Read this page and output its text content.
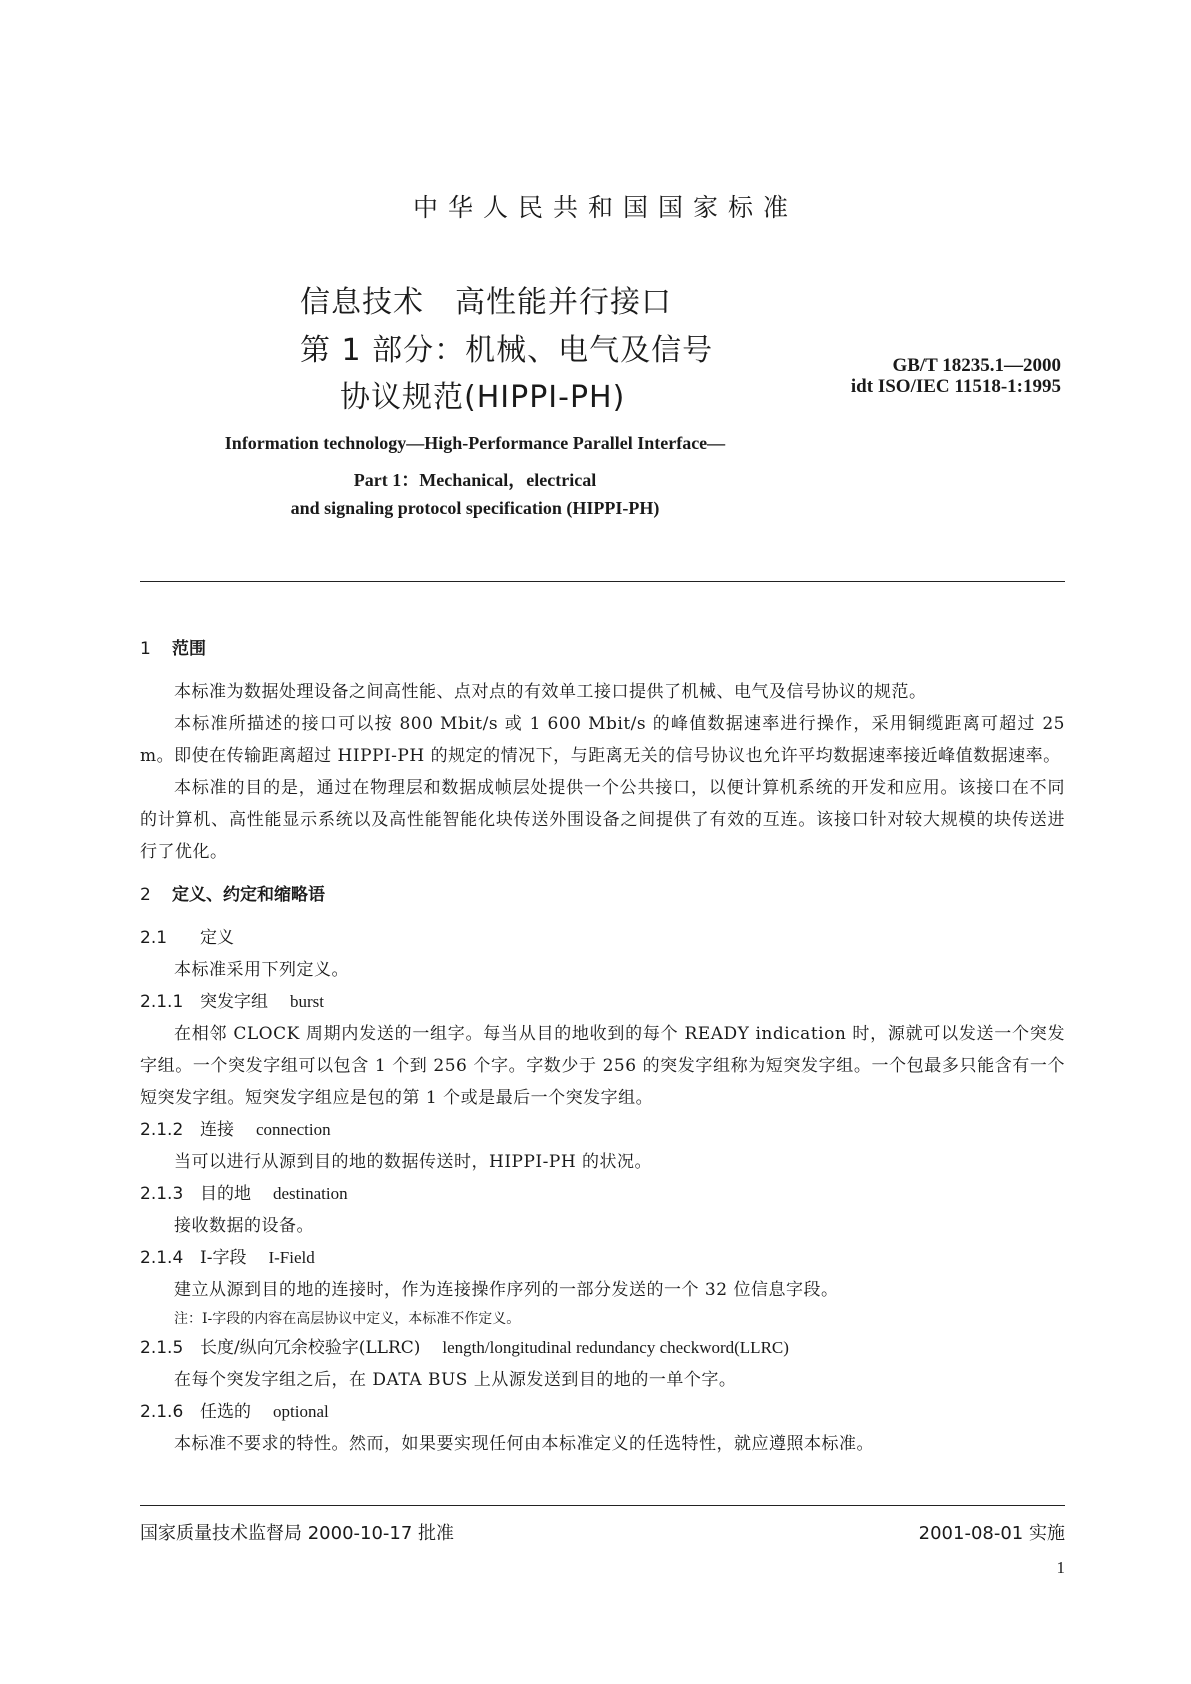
中华人民共和国国家标准
信息技术　高性能并行接口
第 1 部分：机械、电气及信号
协议规范(HIPPI-PH)
GB/T 18235.1—2000
idt ISO/IEC 11518-1:1995
Information technology—High-Performance Parallel Interface—
Part 1：Mechanical，electrical
and signaling protocol specification (HIPPI-PH)
1 范围

本标准为数据处理设备之间高性能、点对点的有效单工接口提供了机械、电气及信号协议的规范。

本标准所描述的接口可以按 800 Mbit/s 或 1 600 Mbit/s 的峰值数据速率进行操作，采用铜缆距离可超过 25 m。即使在传输距离超过 HIPPI-PH 的规定的情况下，与距离无关的信号协议也允许平均数据速率接近峰值数据速率。

本标准的目的是，通过在物理层和数据成帧层处提供一个公共接口，以便计算机系统的开发和应用。该接口在不同的计算机、高性能显示系统以及高性能智能化块传送外围设备之间提供了有效的互连。该接口针对较大规模的块传送进行了优化。

2 定义、约定和缩略语
2.1 定义

本标准采用下列定义。

2.1.1 突发字组 burst

在相邻 CLOCK 周期内发送的一组字。每当从目的地收到的每个 READY indication 时，源就可以发送一个突发字组。一个突发字组可以包含 1 个到 256 个字。字数少于 256 的突发字组称为短突发字组。一个包最多只能含有一个短突发字组。短突发字组应是包的第 1 个或是最后一个突发字组。

2.1.2 连接 connection

当可以进行从源到目的地的数据传送时，HIPPI-PH 的状况。

2.1.3 目的地 destination

接收数据的设备。

2.1.4 I-字段 I-Field

建立从源到目的地的连接时，作为连接操作序列的一部分发送的一个 32 位信息字段。

注：I-字段的内容在高层协议中定义，本标准不作定义。

2.1.5 长度/纵向冗余校验字(LLRC) length/longitudinal redundancy checkword(LLRC)

在每个突发字组之后，在 DATA BUS 上从源发送到目的地的一单个字。

2.1.6 任选的 optional

本标准不要求的特性。然而，如果要实现任何由本标准定义的任选特性，就应遵照本标准。

国家质量技术监督局 2000-10-17 批准	2001-08-01 实施
1
